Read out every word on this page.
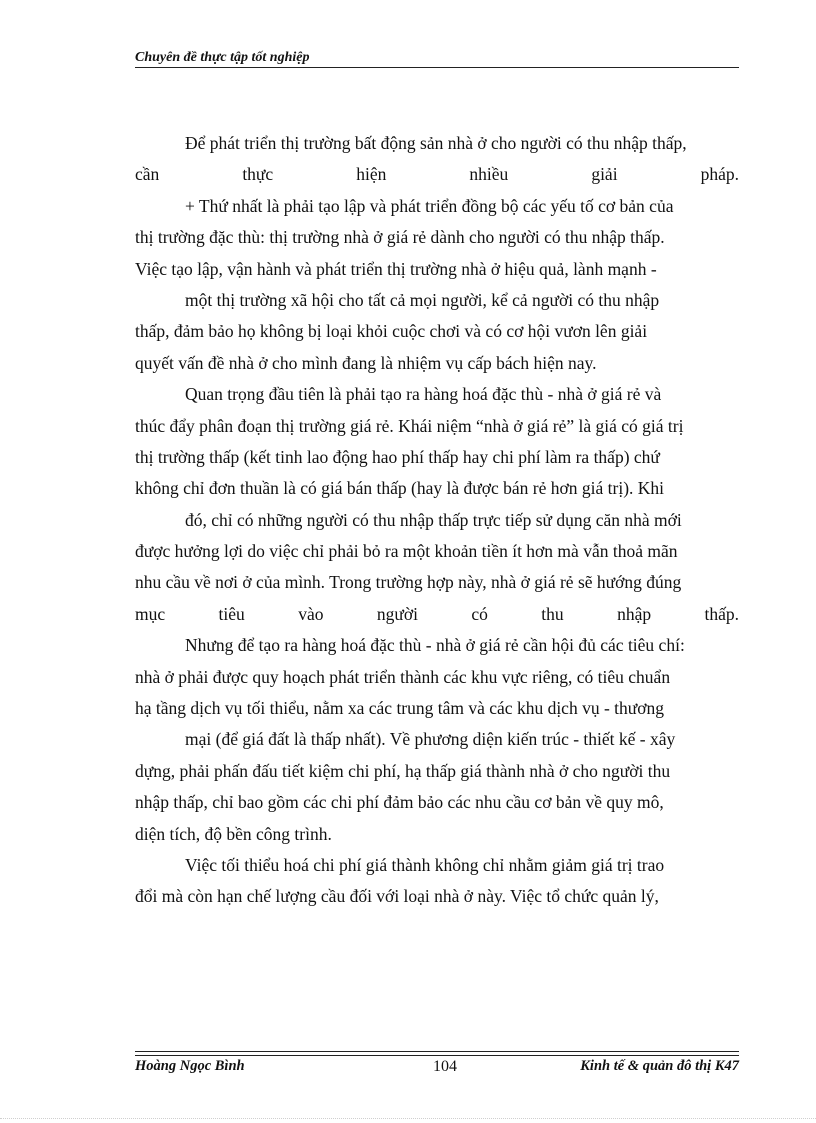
Chuyên đề thực tập tốt nghiệp
Để phát triển thị trường bất động sản nhà ở cho người có thu nhập thấp,
cần thực hiện nhiều giải pháp.
+ Thứ nhất là phải tạo lập và phát triển đồng bộ các yếu tố cơ bản của
thị trường đặc thù: thị trường nhà ở giá rẻ dành cho người có thu nhập thấp.
Việc tạo lập, vận hành và phát triển thị trường nhà ở hiệu quả, lành mạnh -
một thị trường xã hội cho tất cả mọi người, kể cả người có thu nhập
thấp, đảm bảo họ không bị loại khỏi cuộc chơi và có cơ hội vươn lên giải
quyết vấn đề nhà ở cho mình đang là nhiệm vụ cấp bách hiện nay.
Quan trọng đầu tiên là phải tạo ra hàng hoá đặc thù - nhà ở giá rẻ và
thúc đẩy phân đoạn thị trường giá rẻ. Khái niệm “nhà ở giá rẻ” là giá có giá trị
thị trường thấp (kết tinh lao động hao phí thấp hay chi phí làm ra thấp) chứ
không chỉ đơn thuần là có giá bán thấp (hay là được bán rẻ hơn giá trị). Khi
đó, chỉ có những người có thu nhập thấp trực tiếp sử dụng căn nhà mới
được hưởng lợi do việc chỉ phải bỏ ra một khoản tiền ít hơn mà vẫn thoả mãn
nhu cầu về nơi ở của mình. Trong trường hợp này, nhà ở giá rẻ sẽ hướng đúng
mục tiêu vào người có thu nhập thấp.
Nhưng để tạo ra hàng hoá đặc thù - nhà ở giá rẻ cần hội đủ các tiêu chí:
nhà ở phải được quy hoạch phát triển thành các khu vực riêng, có tiêu chuẩn
hạ tầng dịch vụ tối thiểu, nằm xa các trung tâm và các khu dịch vụ - thương
mại (để giá đất là thấp nhất). Về phương diện kiến trúc - thiết kế - xây
dựng, phải phấn đấu tiết kiệm chi phí, hạ thấp giá thành nhà ở cho người thu
nhập thấp, chỉ bao gồm các chi phí đảm bảo các nhu cầu cơ bản về quy mô,
diện tích, độ bền công trình.
Việc tối thiểu hoá chi phí giá thành không chỉ nhằm giảm giá trị trao
đổi mà còn hạn chế lượng cầu đối với loại nhà ở này. Việc tổ chức quản lý,
Hoàng Ngọc Bình	104	Kinh tế & quản đô thị K47
